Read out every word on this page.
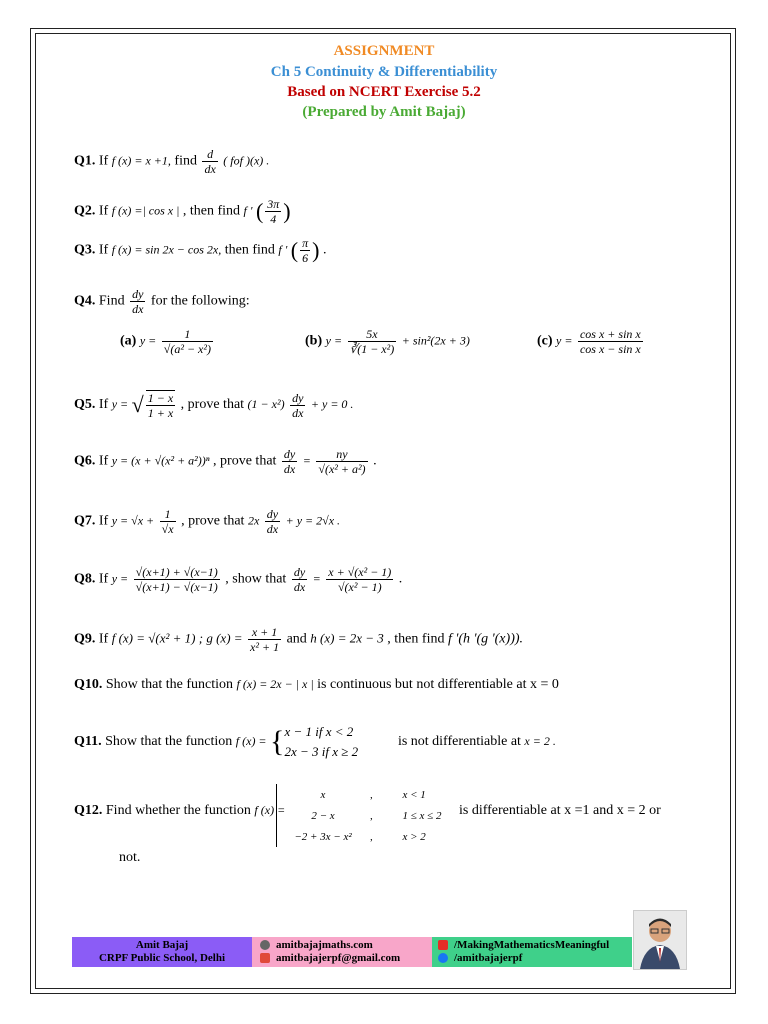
ASSIGNMENT
Ch 5 Continuity & Differentiability
Based on NCERT Exercise 5.2
(Prepared by Amit Bajaj)
Q1. If f (x) = x +1, find $\frac{d}{dx}$ ( fof )(x) .
Q2. If f (x) =| cos x | , then find f ' ( $\frac{3\pi}{4}$ )
Q3. If f (x) = sin 2x − cos 2x, then find f ' ( $\frac{\pi}{6}$ ) .
Q4. Find $\frac{dy}{dx}$ for the following:
(a) $y = \frac{1}{\text{√(a² − x²)}}$	(b) $y = \frac{5x}{\text{∛(1 − x²)}} + \sin^2(2x + 3)$	(c) $y = \frac{\text{cos x + sin x}}{\text{cos x − sin x}}$
Q5. If y = √ $\frac{1 - x}{1 + x}$ , prove that $(1 - x^2) \frac{dy}{dx} + y = 0$ .
Q6. If y = (x + √(x² + a²))ⁿ , prove that $\frac{dy}{dx} = \frac{ny}{\text{√(x² + a²)}}$ .
Q7. If $y = √x + \frac{1}{√x}$ , prove that $2x \frac{dy}{dx} + y = 2√x$ .
Q8. If $y = \frac{√(x+1) + √(x-1)}{√(x+1) - √(x-1)}$ , show that $\frac{dy}{dx} = \frac{\text{x + √(x² − 1)}}{\text{√(x² − 1)}}$ .
Q9. If f (x) = √(x² + 1) ; g $(x) = \frac{x + 1}{\text{x² + 1}}$ and h (x) = 2x − 3 , then find f '(h '(g '(x))).
Q10. Show that the function f (x) = 2x − | x | is continuous but not differentiable at x = 0
Q11. Show that the function f (x) = { x − 1 if x < 2
2x − 3 if x ≥ 2
is not differentiable at x = 2 .
x	,	x < 1
2 − x	,	1 ≤ x ≤ 2
−2 + 3x − x²	,	x > 2
Q12. Find whether the function f (x) =	is differentiable at x =1 and x = 2 or
not.
Amit Bajaj
CRPF Public School, Delhi
amitbajajmaths.com
amitbajajerpf@gmail.com
/MakingMathematicsMeaningful
/amitbajajerpf
